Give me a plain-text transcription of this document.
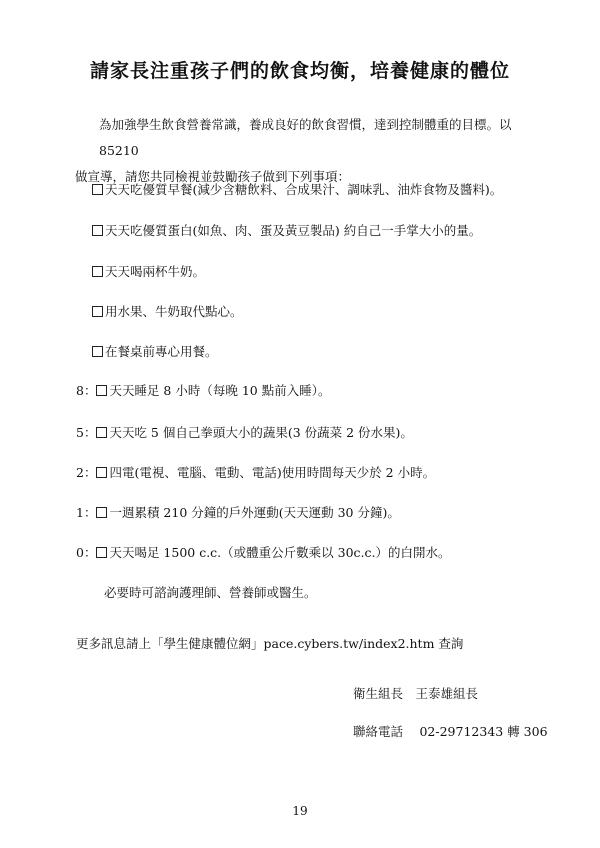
請家長注重孩子們的飲食均衡，培養健康的體位
為加強學生飲食營養常識，養成良好的飲食習慣，達到控制體重的目標。以 85210
做宣導，請您共同檢視並鼓勵孩子做到下列事項：
天天吃優質早餐(減少含糖飲料、合成果汁、調味乳、油炸食物及醬料)。
天天吃優質蛋白(如魚、肉、蛋及黃豆製品) 約自己一手掌大小的量。
天天喝兩杯牛奶。
用水果、牛奶取代點心。
在餐桌前專心用餐。
8： 天天睡足 8 小時（每晚 10 點前入睡）。
5： 天天吃 5 個自己拳頭大小的蔬果(3 份蔬菜 2 份水果)。
2： 四電(電視、電腦、電動、電話)使用時間每天少於 2 小時。
1： 一週累積 210 分鐘的戶外運動(天天運動 30 分鐘)。
0： 天天喝足 1500 c.c.（或體重公斤數乘以 30c.c.）的白開水。
必要時可諮詢護理師、營養師或醫生。
更多訊息請上「學生健康體位網」pace.cybers.tw/index2.htm 查詢
衛生組長　王泰雄組長
聯絡電話　 02-29712343 轉 306
19
